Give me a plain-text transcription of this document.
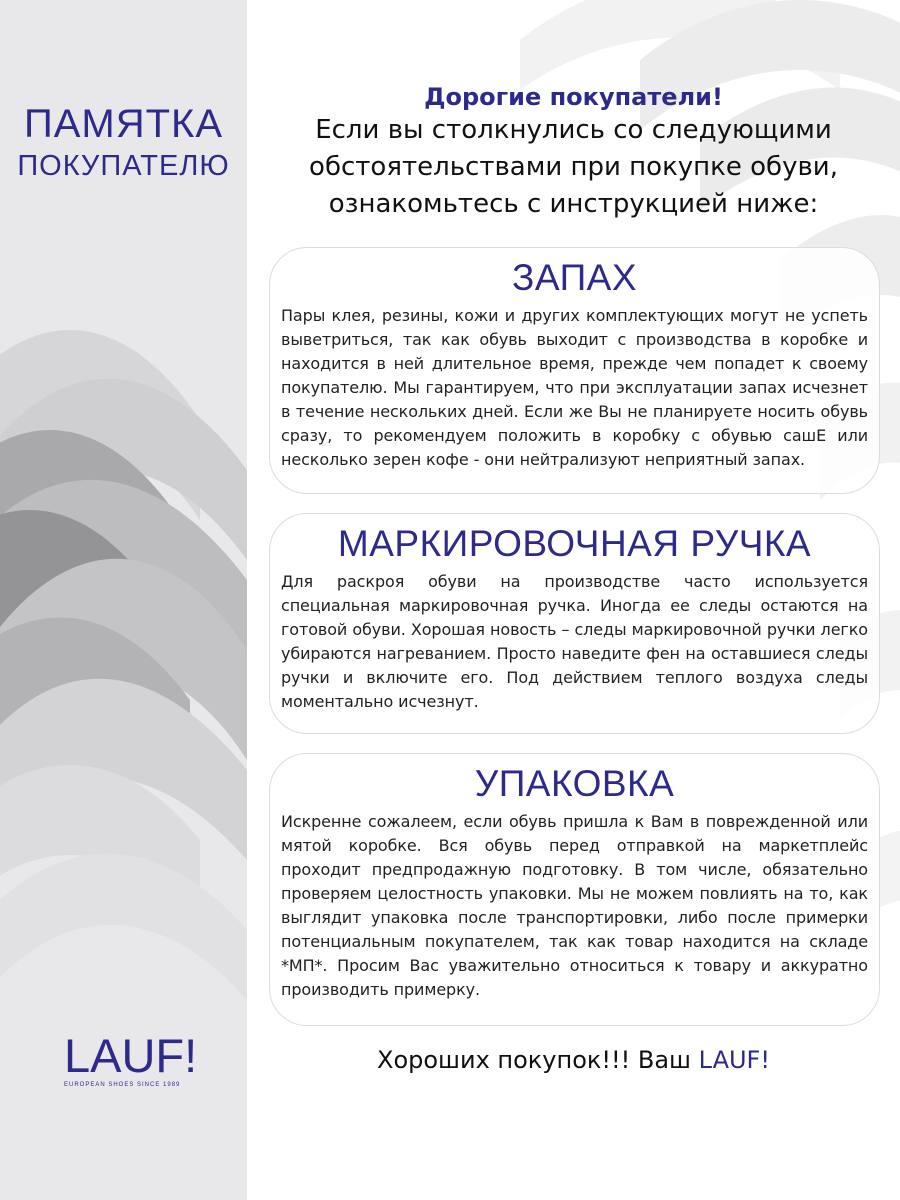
ПАМЯТКА
ПОКУПАТЕЛЮ
LAUF!
EUROPEAN SHOES SINCE 1989
Дорогие покупатели!
Если вы столкнулись со следующими
обстоятельствами при покупке обуви,
ознакомьтесь с инструкцией ниже:
ЗАПАХ

Пары клея, резины, кожи и других комплектующих могут не успеть выветриться, так как обувь выходит с производства в коробке и находится в ней длительное время, прежде чем попадет к своему покупателю. Мы гарантируем, что при эксплуатации запах исчезнет в течение нескольких дней. Если же Вы не планируете носить обувь сразу, то рекомендуем положить в коробку с обувью сашЕ или несколько зерен кофе - они нейтрализуют неприятный запах.

МАРКИРОВОЧНАЯ РУЧКА

Для раскроя обуви на производстве часто используется специальная маркировочная ручка. Иногда ее следы остаются на готовой обуви. Хорошая новость – следы маркировочной ручки легко убираются нагреванием. Просто наведите фен на оставшиеся следы ручки и включите его. Под действием теплого воздуха следы моментально исчезнут.

УПАКОВКА

Искренне сожалеем, если обувь пришла к Вам в поврежденной или мятой коробке. Вся обувь перед отправкой на маркетплейс проходит предпродажную подготовку. В том числе, обязательно проверяем целостность упаковки. Мы не можем повлиять на то, как выглядит упаковка после транспортировки, либо после примерки потенциальным покупателем, так как товар находится на складе *МП*. Просим Вас уважительно относиться к товару и аккуратно производить примерку.

Хороших покупок!!! Ваш LAUF!
